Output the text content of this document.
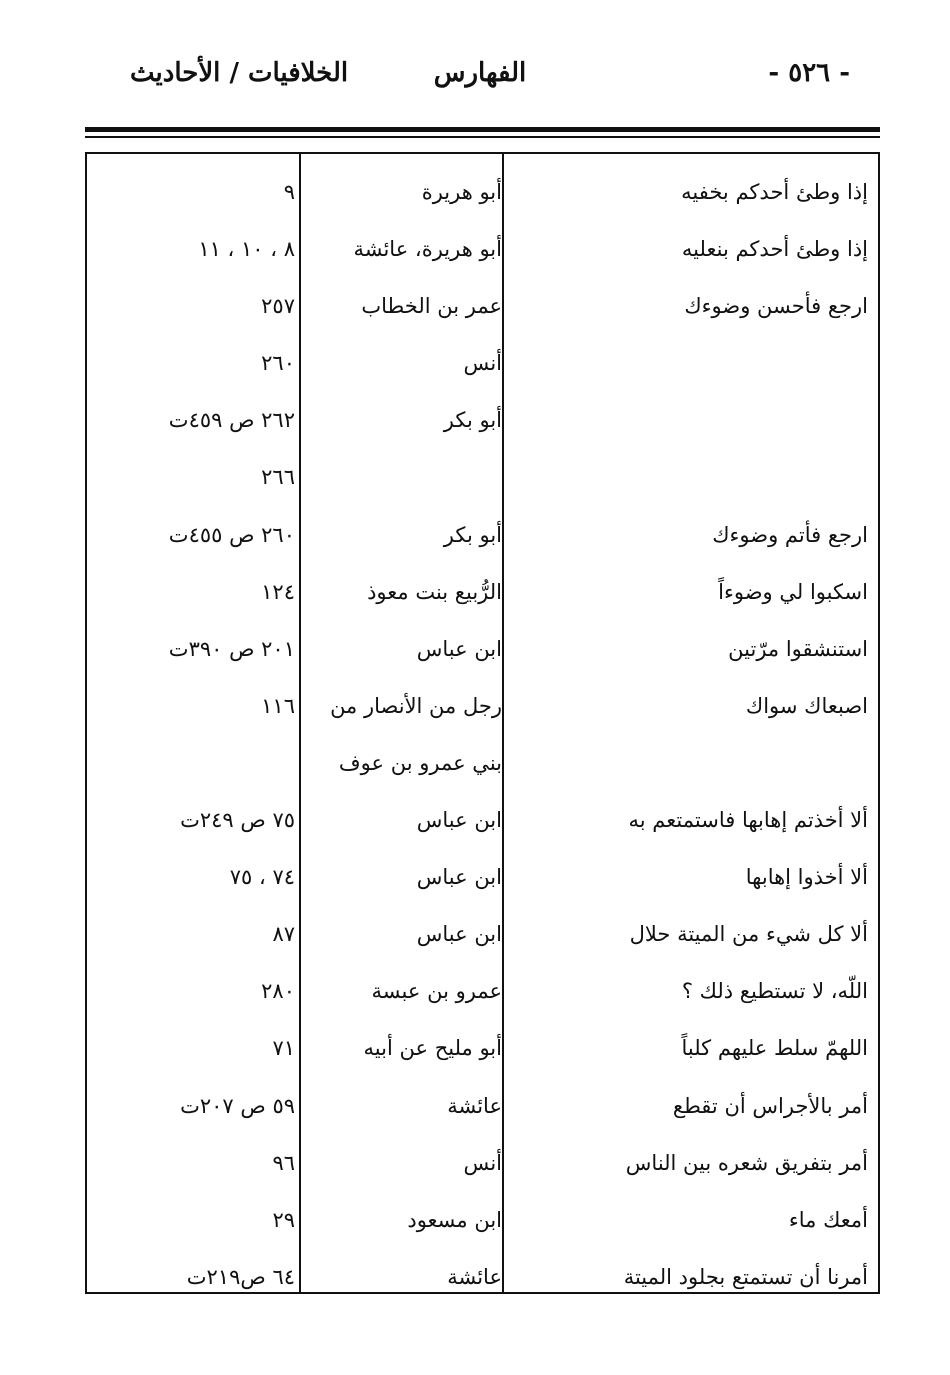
- ٥٢٦ -
الفهارس
الخلافيات / الأحاديث
إذا وطئ أحدكم بخفيه
أبو هريرة
٩
إذا وطئ أحدكم بنعليه
أبو هريرة، عائشة
٨ ، ١٠ ، ١١
ارجع فأحسن وضوءك
عمر بن الخطاب
٢٥٧
أنس
٢٦٠
أبو بكر
٢٦٢ ص ٤٥٩ت
٢٦٦
ارجع فأتم وضوءك
أبو بكر
٢٦٠ ص ٤٥٥ت
اسكبوا لي وضوءاً
الرُّبيع بنت معوذ
١٢٤
استنشقوا مرّتين
ابن عباس
٢٠١ ص ٣٩٠ت
اصبعاك سواك
رجل من الأنصار من
١١٦
بني عمرو بن عوف
ألا أخذتم إهابها فاستمتعم به
ابن عباس
٧٥ ص ٢٤٩ت
ألا أخذوا إهابها
ابن عباس
٧٤ ، ٧٥
ألا كل شيء من الميتة حلال
ابن عباس
٨٧
اللّه، لا تستطيع ذلك ؟
عمرو بن عبسة
٢٨٠
اللهمّ سلط عليهم كلباً
أبو مليح عن أبيه
٧١
أمر بالأجراس أن تقطع
عائشة
٥٩ ص ٢٠٧ت
أمر بتفريق شعره بين الناس
أنس
٩٦
أمعك ماء
ابن مسعود
٢٩
أمرنا أن تستمتع بجلود الميتة
عائشة
٦٤ ص٢١٩ت
